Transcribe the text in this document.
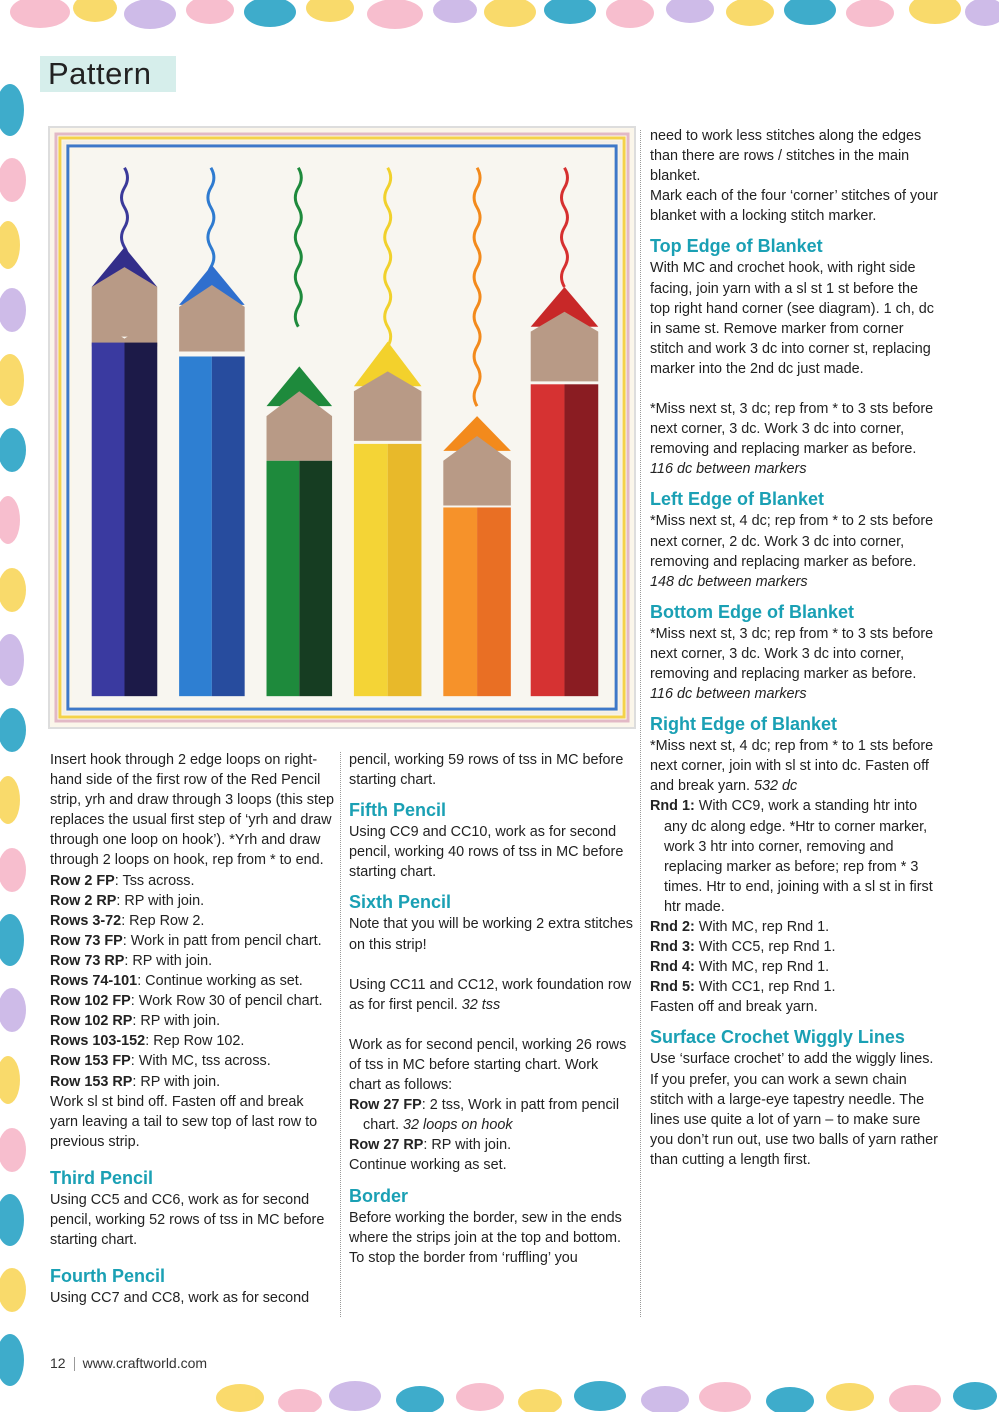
Pattern

Insert hook through 2 edge loops on right-hand side of the first row of the Red Pencil strip, yrh and draw through 3 loops (this step replaces the usual first step of ‘yrh and draw through one loop on hook’). *Yrh and draw through 2 loops on hook, rep from * to end.

Row 2 FP: Tss across.

Row 2 RP: RP with join.

Rows 3-72: Rep Row 2.

Row 73 FP: Work in patt from pencil chart.

Row 73 RP: RP with join.

Rows 74-101: Continue working as set.

Row 102 FP: Work Row 30 of pencil chart.

Row 102 RP: RP with join.

Rows 103-152: Rep Row 102.

Row 153 FP: With MC, tss across.

Row 153 RP: RP with join.

Work sl st bind off. Fasten off and break yarn leaving a tail to sew top of last row to previous strip.

Third Pencil

Using CC5 and CC6, work as for second pencil, working 52 rows of tss in MC before starting chart.

Fourth Pencil

Using CC7 and CC8, work as for second

pencil, working 59 rows of tss in MC before starting chart.

Fifth Pencil

Using CC9 and CC10, work as for second pencil, working 40 rows of tss in MC before starting chart.

Sixth Pencil

Note that you will be working 2 extra stitches on this strip!

Using CC11 and CC12, work foundation row as for first pencil. 32 tss

Work as for second pencil, working 26 rows of tss in MC before starting chart. Work chart as follows:

Row 27 FP: 2 tss, Work in patt from pencil chart. 32 loops on hook

Row 27 RP: RP with join.

Continue working as set.

Border

Before working the border, sew in the ends where the strips join at the top and bottom.

To stop the border from ‘ruffling’ you

need to work less stitches along the edges than there are rows / stitches in the main blanket.

Mark each of the four ‘corner’ stitches of your blanket with a locking stitch marker.

Top Edge of Blanket

With MC and crochet hook, with right side facing, join yarn with a sl st 1 st before the top right hand corner (see diagram). 1 ch, dc in same st. Remove marker from corner stitch and work 3 dc into corner st, replacing marker into the 2nd dc just made.

*Miss next st, 3 dc; rep from * to 3 sts before next corner, 3 dc. Work 3 dc into corner, removing and replacing marker as before. 116 dc between markers

Left Edge of Blanket

*Miss next st, 4 dc; rep from * to 2 sts before next corner, 2 dc. Work 3 dc into corner, removing and replacing marker as before. 148 dc between markers

Bottom Edge of Blanket

*Miss next st, 3 dc; rep from * to 3 sts before next corner, 3 dc. Work 3 dc into corner, removing and replacing marker as before. 116 dc between markers

Right Edge of Blanket

*Miss next st, 4 dc; rep from * to 1 sts before next corner, join with sl st into dc. Fasten off and break yarn. 532 dc

Rnd 1: With CC9, work a standing htr into any dc along edge. *Htr to corner marker, work 3 htr into corner, removing and replacing marker as before; rep from * 3 times. Htr to end, joining with a sl st in first htr made.

Rnd 2: With MC, rep Rnd 1.

Rnd 3: With CC5, rep Rnd 1.

Rnd 4: With MC, rep Rnd 1.

Rnd 5: With CC1, rep Rnd 1.

Fasten off and break yarn.

Surface Crochet Wiggly Lines

Use ‘surface crochet’ to add the wiggly lines. If you prefer, you can work a sewn chain stitch with a large-eye tapestry needle. The lines use quite a lot of yarn – to make sure you don’t run out, use two balls of yarn rather than cutting a length first.

12 www.craftworld.com
